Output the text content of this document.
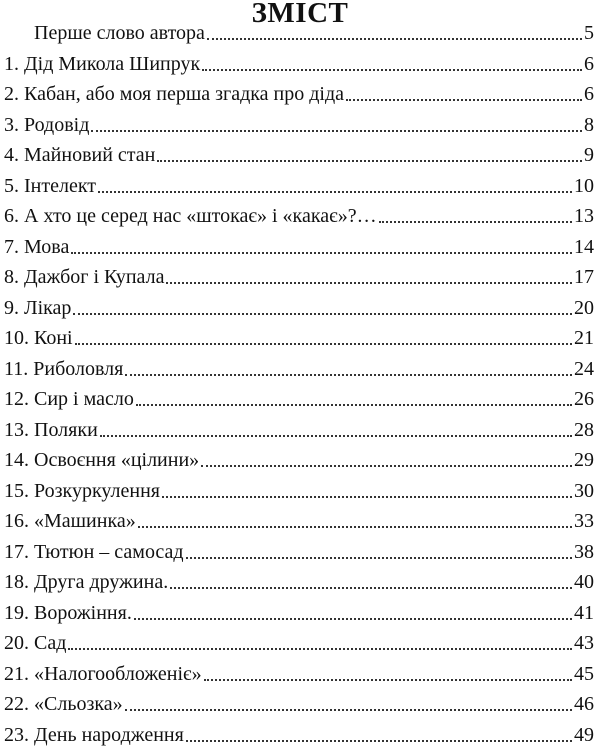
ЗМІСТ
Перше слово автора	5
1. Дід Микола Шипрук	6
2. Кабан, або моя перша згадка про діда	6
3. Родовід	8
4. Майновий стан	9
5. Інтелект	10
6. А хто це серед нас «штокає» і «какає»?…	13
7. Мова	14
8. Дажбог і Купала	17
9. Лікар	20
10. Коні	21
11. Риболовля	24
12. Сир і масло	26
13. Поляки	28
14. Освоєння «цілини»	29
15. Розкуркулення	30
16. «Машинка»	33
17. Тютюн – самосад	38
18. Друга дружина.	40
19. Ворожіння.	41
20. Сад	43
21. «Налогообложеніє»	45
22. «Сльозка»	46
23. День народження	49
